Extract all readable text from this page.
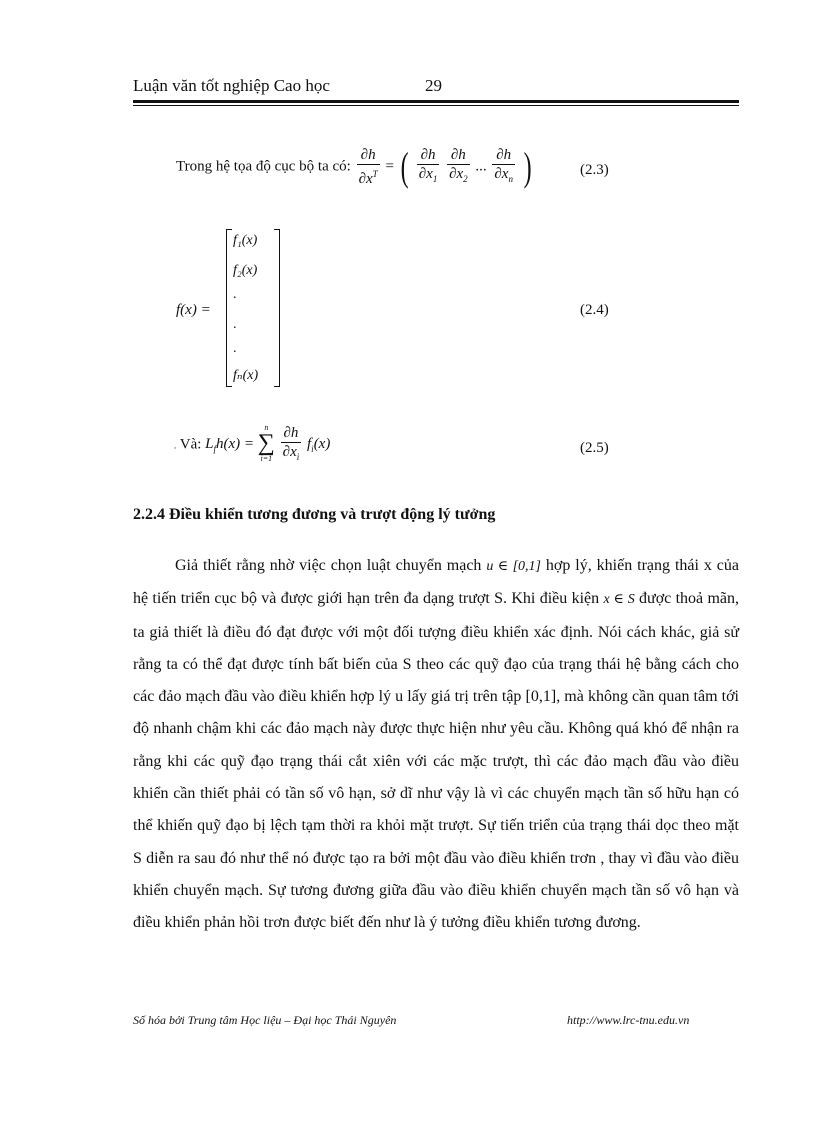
Luận văn tốt nghiệp Cao học	29
Trong hệ tọa độ cục bộ ta có: $\frac{\partial h}{\partial x^T}$ = ( $\frac{\partial h}{\partial x_1}$
$\frac{\partial h}{\partial x_2}$ ... $\frac{\partial h}{\partial x_n}$ )	(2.3)
f(x) =
f₁(x)
f₂(x)
.
.
.
fₙ(x)
(2.4)
. Và: $L_fh(x)$ =
n
∑
i=1
$\frac{\partial h}{\partial x_i} f_i(x)$	(2.5)
2.2.4 Điều khiển tương đương và trượt động lý tưởng

Giả thiết rằng nhờ việc chọn luật chuyển mạch u ∈ [0,1] hợp lý, khiến trạng thái x của hệ tiến triển cục bộ và được giới hạn trên đa dạng trượt S. Khi điều kiện x ∈ S được thoả mãn, ta giả thiết là điều đó đạt được với một đối tượng điều khiển xác định. Nói cách khác, giả sử rằng ta có thể đạt được tính bất biến của S theo các quỹ đạo của trạng thái hệ bằng cách cho các đảo mạch đầu vào điều khiển hợp lý u lấy giá trị trên tập [0,1], mà không cần quan tâm tới độ nhanh chậm khi các đảo mạch này được thực hiện như yêu cầu. Không quá khó để nhận ra rằng khi các quỹ đạo trạng thái cắt xiên với các mặc trượt, thì các đảo mạch đầu vào điều khiển cần thiết phải có tần số vô hạn, sở dĩ như vậy là vì các chuyển mạch tần số hữu hạn có thể khiến quỹ đạo bị lệch tạm thời ra khỏi mặt trượt. Sự tiến triển của trạng thái dọc theo mặt S diễn ra sau đó như thể nó được tạo ra bởi một đầu vào điều khiển trơn , thay vì đầu vào điều khiển chuyển mạch. Sự tương đương giữa đầu vào điều khiển chuyển mạch tần số vô hạn và điều khiển phản hồi trơn được biết đến như là ý tưởng điều khiển tương đương.

Số hóa bởi Trung tâm Học liệu – Đại học Thái Nguyên	http://www.lrc-tnu.edu.vn
